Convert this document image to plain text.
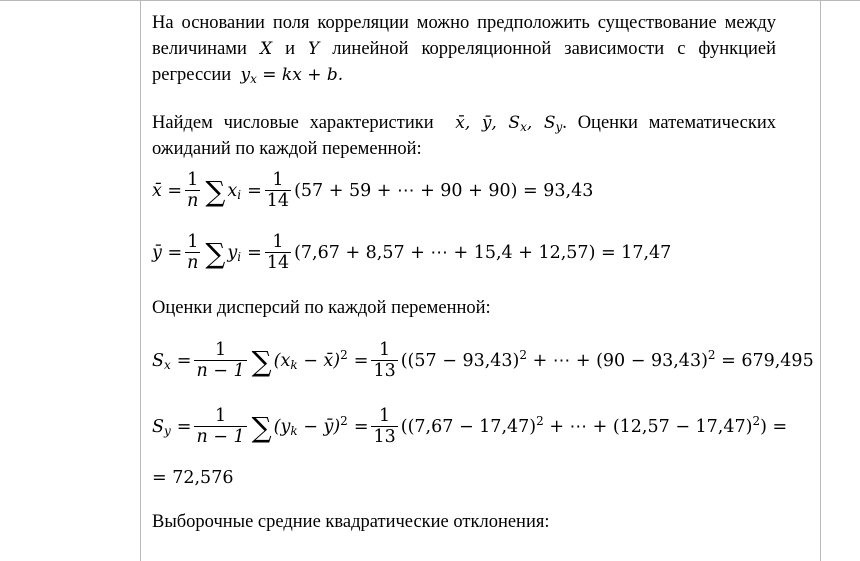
На основании поля корреляции можно предположить существование между величинами X и Y линейной корреляционной зависимости с функцией регрессии $y_x$ = kx + b.

Найдем числовые характеристики x̄, ȳ, $S_x$, $S_y$. Оценки математических ожиданий по каждой переменной:

x̄ = $\frac{1}{n}$ ∑ $x_i = \frac{1}{14} (57 + 59$ + ⋯ + 90 + 90) = 93,43
ȳ = $\frac{1}{n}$ ∑ $y_i = \frac{1}{14} (7,67 + 8,57$ + ⋯ + 15,4 + 12,57) = 17,47

Оценки дисперсий по каждой переменной:

$S_x = \frac{1}{n - 1}$ ∑ ($x_k$ − x̄)$^2$ = $\frac{1}{13} ((57 - 93,43)^2$ + ⋯ + $(90 - 93,43)^2 = 679,495$
$S_y = \frac{1}{n - 1}$ ∑ ($y_k$ − ȳ)$^2$ = $\frac{1}{13} ((7,67 - 17,47)^2$ + ⋯ + $(12,57 - 17,47)^2$) =
= 72,576

Выборочные средние квадратические отклонения:
